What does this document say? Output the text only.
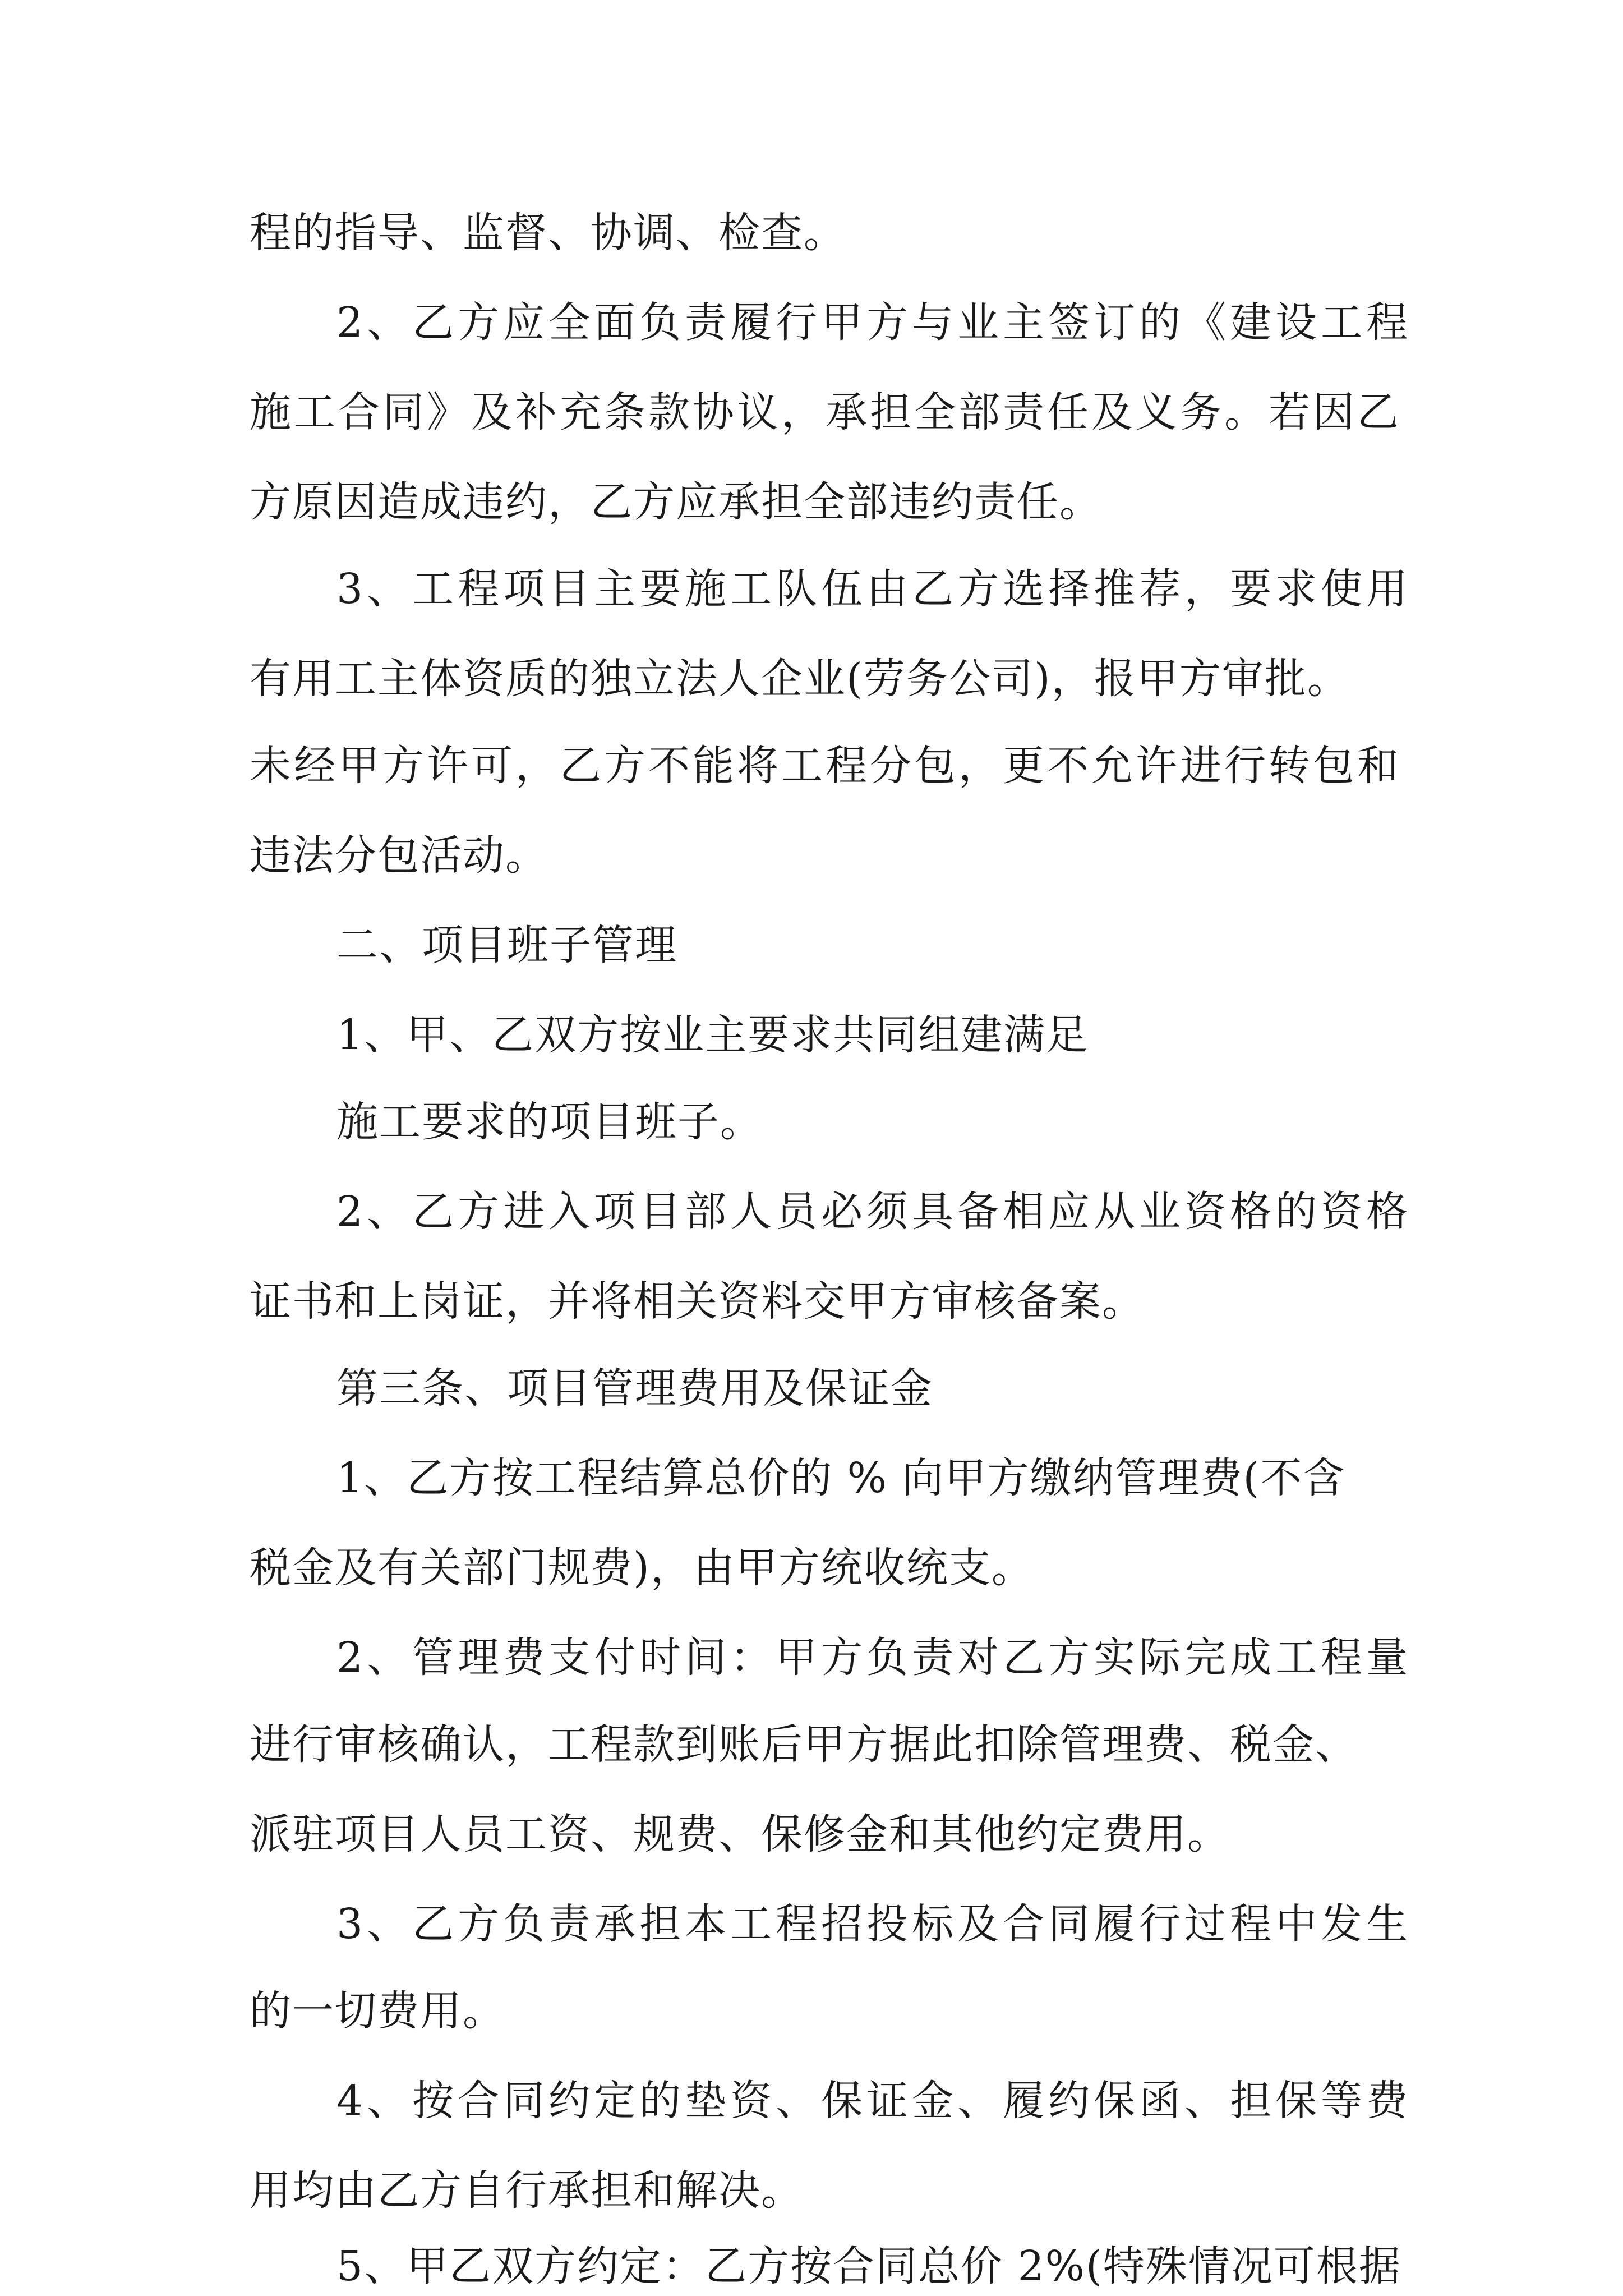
程的指导、监督、协调、检查。

2、乙方应全面负责履行甲方与业主签订的《建设工程

施工合同》及补充条款协议，承担全部责任及义务。若因乙

方原因造成违约，乙方应承担全部违约责任。

3、工程项目主要施工队伍由乙方选择推荐，要求使用

有用工主体资质的独立法人企业(劳务公司)，报甲方审批。

未经甲方许可，乙方不能将工程分包，更不允许进行转包和

违法分包活动。

二、项目班子管理

1、甲、乙双方按业主要求共同组建满足

施工要求的项目班子。

2、乙方进入项目部人员必须具备相应从业资格的资格

证书和上岗证，并将相关资料交甲方审核备案。

第三条、项目管理费用及保证金

1、乙方按工程结算总价的 % 向甲方缴纳管理费(不含

税金及有关部门规费)，由甲方统收统支。

2、管理费支付时间：甲方负责对乙方实际完成工程量

进行审核确认，工程款到账后甲方据此扣除管理费、税金、

派驻项目人员工资、规费、保修金和其他约定费用。

3、乙方负责承担本工程招投标及合同履行过程中发生

的一切费用。

4、按合同约定的垫资、保证金、履约保函、担保等费

用均由乙方自行承担和解决。

5、甲乙双方约定：乙方按合同总价 2%(特殊情况可根据
